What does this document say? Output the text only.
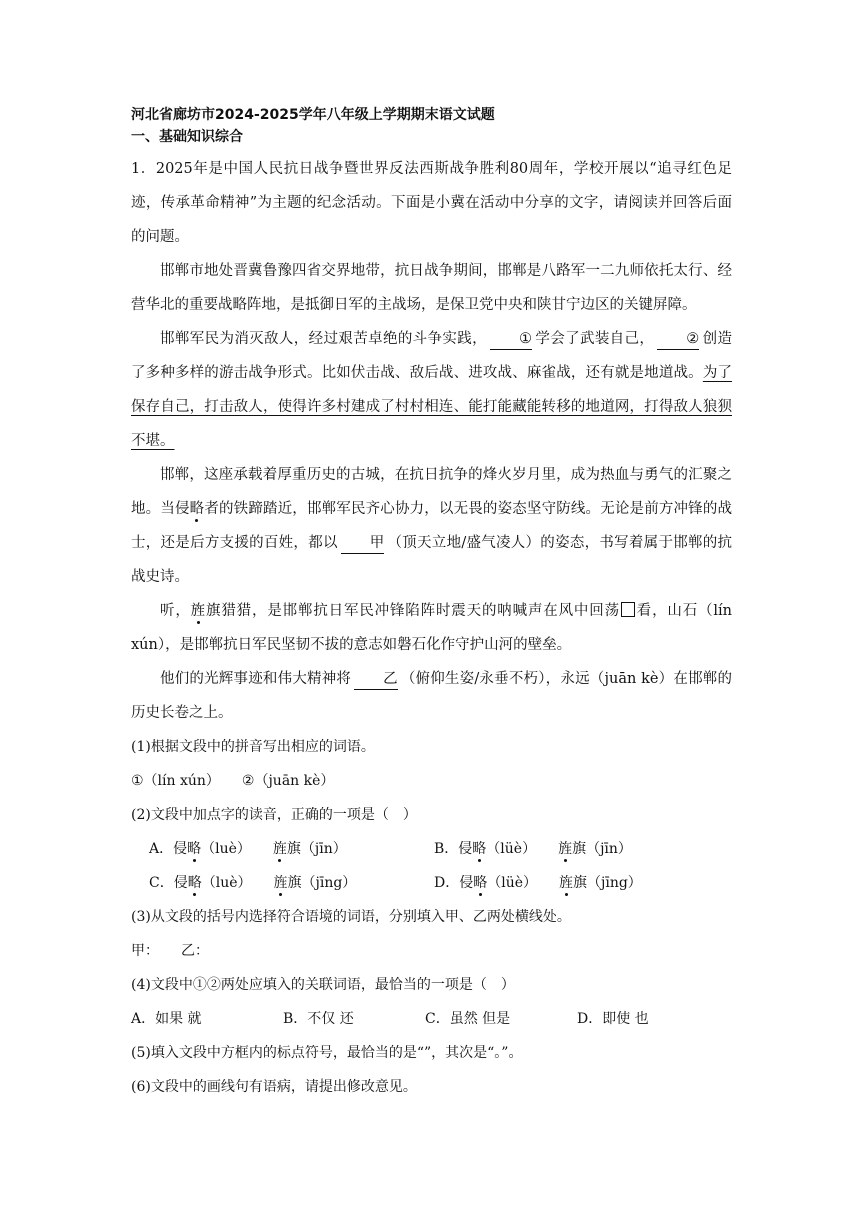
河北省廊坊市2024-2025学年八年级上学期期末语文试题

一、基础知识综合

1．2025年是中国人民抗日战争暨世界反法西斯战争胜利80周年，学校开展以“追寻红色足迹，传承革命精神”为主题的纪念活动。下面是小冀在活动中分享的文字，请阅读并回答后面的问题。

邯郸市地处晋冀鲁豫四省交界地带，抗日战争期间，邯郸是八路军一二九师依托太行、经营华北的重要战略阵地，是抵御日军的主战场，是保卫党中央和陕甘宁边区的关键屏障。

邯郸军民为消灭敌人，经过艰苦卓绝的斗争实践， ① 学会了武装自己， ② 创造了多种多样的游击战争形式。比如伏击战、敌后战、进攻战、麻雀战，还有就是地道战。为了保存自己，打击敌人，使得许多村建成了村村相连、能打能藏能转移的地道网，打得敌人狼狈不堪。

邯郸，这座承载着厚重历史的古城，在抗日抗争的烽火岁月里，成为热血与勇气的汇聚之地。当侵略者的铁蹄踏近，邯郸军民齐心协力，以无畏的姿态坚守防线。无论是前方冲锋的战士，还是后方支援的百姓，都以 甲 （顶天立地/盛气凌人）的姿态，书写着属于邯郸的抗战史诗。

听，旌旗猎猎，是邯郸抗日军民冲锋陷阵时震天的呐喊声在风中回荡 看，山石（lín xún），是邯郸抗日军民坚韧不拔的意志如磐石化作守护山河的壁垒。

他们的光辉事迹和伟大精神将 乙 （俯仰生姿/永垂不朽），永远（juān kè）在邯郸的历史长卷之上。

(1)根据文段中的拼音写出相应的词语。

①（lín xún） ②（juān kè）

(2)文段中加点字的读音，正确的一项是（　）

A．侵略（luè） 旌旗（jīn）	B．侵略（lüè） 旌旗（jīn）
C．侵略（luè） 旌旗（jīng）	D．侵略（lüè） 旌旗（jīng）

(3)从文段的括号内选择符合语境的词语，分别填入甲、乙两处横线处。

甲： 乙：

(4)文段中①②两处应填入的关联词语，最恰当的一项是（　）

A．如果 就	B．不仅 还	C．虽然 但是	D．即使 也

(5)填入文段中方框内的标点符号，最恰当的是“”，其次是“。”。

(6)文段中的画线句有语病，请提出修改意见。
